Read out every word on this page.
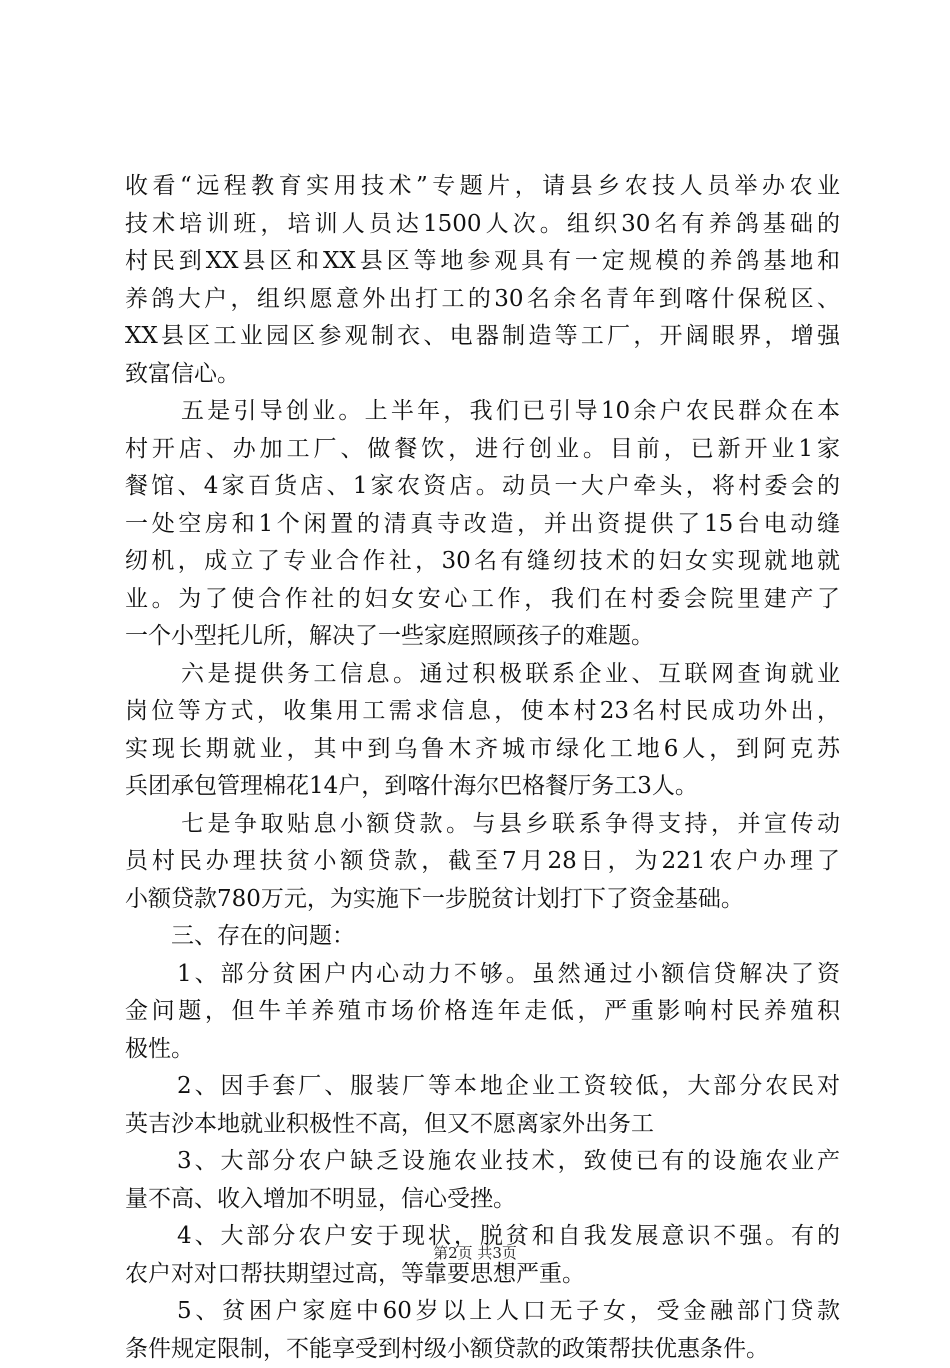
收看“远程教育实用技术”专题片，请县乡农技人员举办农业
技术培训班，培训人员达1500人次。组织30名有养鸽基础的
村民到XX县区和XX县区等地参观具有一定规模的养鸽基地和
养鸽大户，组织愿意外出打工的30名余名青年到喀什保税区、
XX县区工业园区参观制衣、电器制造等工厂，开阔眼界，增强
致富信心。
五是引导创业。上半年，我们已引导10余户农民群众在本
村开店、办加工厂、做餐饮，进行创业。目前，已新开业1家
餐馆、4家百货店、1家农资店。动员一大户牵头，将村委会的
一处空房和1个闲置的清真寺改造，并出资提供了15台电动缝
纫机，成立了专业合作社，30名有缝纫技术的妇女实现就地就
业。为了使合作社的妇女安心工作，我们在村委会院里建产了
一个小型托儿所，解决了一些家庭照顾孩子的难题。
六是提供务工信息。通过积极联系企业、互联网查询就业
岗位等方式，收集用工需求信息，使本村23名村民成功外出，
实现长期就业，其中到乌鲁木齐城市绿化工地6人，到阿克苏
兵团承包管理棉花14户，到喀什海尔巴格餐厅务工3人。
七是争取贴息小额贷款。与县乡联系争得支持，并宣传动
员村民办理扶贫小额贷款，截至7月28日，为221农户办理了
小额贷款780万元，为实施下一步脱贫计划打下了资金基础。
三、存在的问题：
1、部分贫困户内心动力不够。虽然通过小额信贷解决了资
金问题，但牛羊养殖市场价格连年走低，严重影响村民养殖积
极性。
2、因手套厂、服装厂等本地企业工资较低，大部分农民对
英吉沙本地就业积极性不高，但又不愿离家外出务工
3、大部分农户缺乏设施农业技术，致使已有的设施农业产
量不高、收入增加不明显，信心受挫。
4、大部分农户安于现状，脱贫和自我发展意识不强。有的
农户对对口帮扶期望过高，等靠要思想严重。
5、贫困户家庭中60岁以上人口无子女，受金融部门贷款
条件规定限制，不能享受到村级小额贷款的政策帮扶优惠条件。
第2页 共3页
